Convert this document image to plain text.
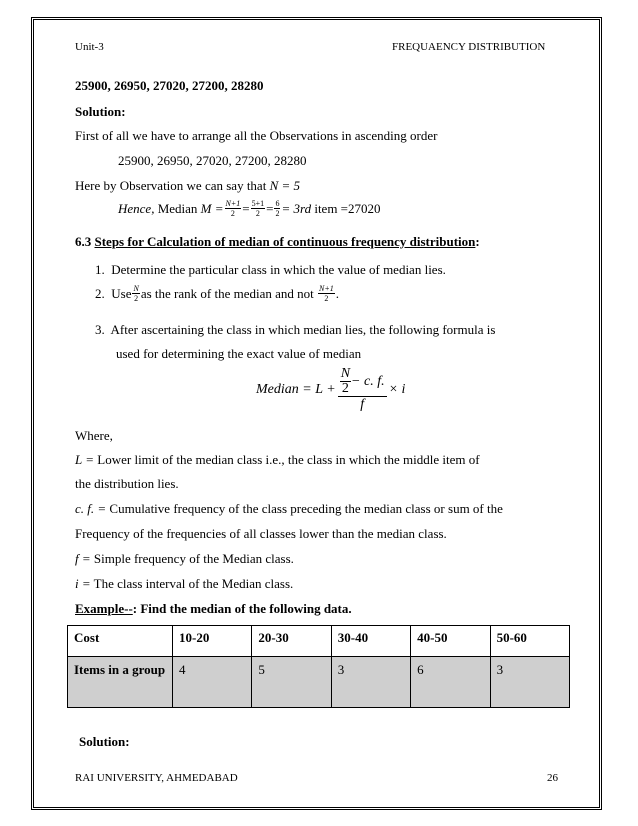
Unit-3	FREQUAENCY DISTRIBUTION
25900, 26950, 27020, 27200, 28280
Solution:
First of all we have to arrange all the Observations in ascending order
25900, 26950, 27020, 27200, 28280
Here by Observation we can say that N = 5
Hence,
Median
$M = \frac{N+1}{2} = \frac{5+1}{2} = \frac{6}{2} = 3rd$
item =27020
6.3 Steps for Calculation of median of continuous frequency distribution:
1. Determine the particular class in which the value of median lies.
2.
Use $\frac{N}{2}$ as the rank of the median and not
$\frac{N+1}{2}$ .
3. After ascertaining the class in which median lies, the following formula is
used for determining the exact value of median
Median = $L + \frac{\frac{N}{2} - c. f.}{f} \times i$
Where,
L = Lower limit of the median class i.e., the class in which the middle item of
the distribution lies.
c. f. = Cumulative frequency of the class preceding the median class or sum of the
Frequency of the frequencies of all classes lower than the median class.
f = Simple frequency of the Median class.
i = The class interval of the Median class.
Example--: Find the median of the following data.
Cost	10-20	20-30	30-40	40-50	50-60
Items in a group	4	5	3	6	3
Solution:
RAI UNIVERSITY, AHMEDABAD	26
